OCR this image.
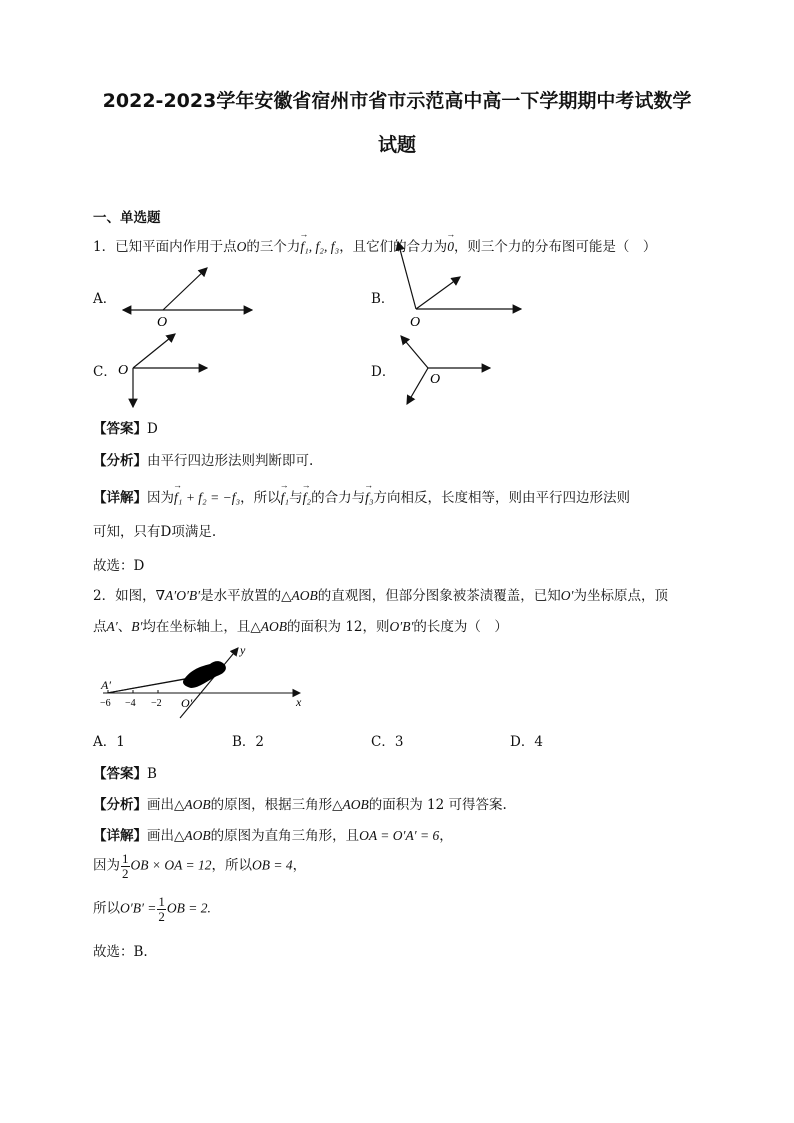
2022-2023学年安徽省宿州市省市示范高中高一下学期期中考试数学
试题
一、单选题
1．已知平面内作用于点O的三个力→ f₁, f₂, f₃，且它们的合力为→ 0，则三个力的分布图可能是（　）
A．
O
B．
O
C． O	D． O
【答案】D
【分析】由平行四边形法则判断即可.
【详解】因为→ f₁ + f₂ = −f₃，所以→ f₁与→ f₂的合力与→ f₃方向相反，长度相等，则由平行四边形法则
可知，只有D项满足.
故选：D
2．如图，∇A′O′B′是水平放置的△AOB的直观图，但部分图象被茶渍覆盖，已知O′为坐标原点，顶
点A′、B′均在坐标轴上，且△AOB的面积为 12，则O′B′的长度为（　）
A′
O′	x
y
−6 −4 −2
A．1	B．2	C．3	D．4
【答案】B
【分析】画出△AOB的原图，根据三角形△AOB的面积为 12 可得答案.
【详解】画出△AOB的原图为直角三角形，且OA = O′A′ = 6，
因为 $\frac{1}{2}$ OB × OA = 12，所以OB = 4，
所以$O'B' = \frac{1}{2}$ OB = 2.
故选：B.
